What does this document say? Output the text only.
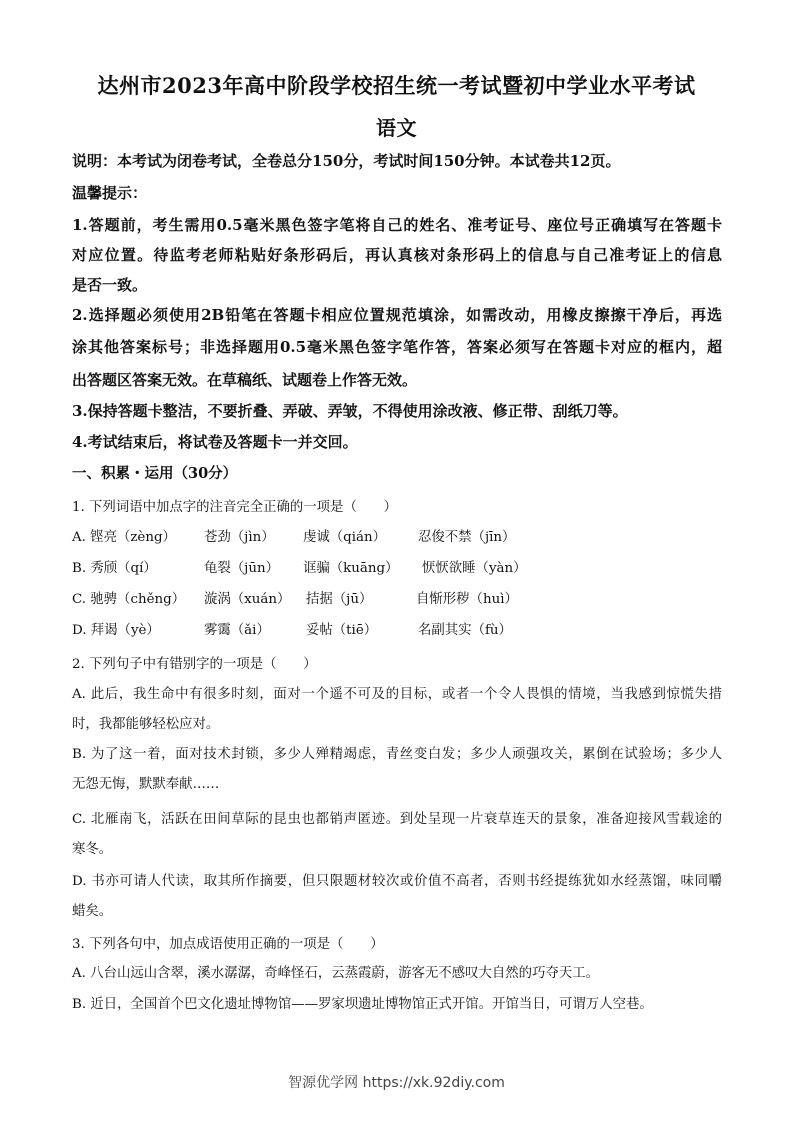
达州市2023年高中阶段学校招生统一考试暨初中学业水平考试
语文
说明：本考试为闭卷考试，全卷总分150分，考试时间150分钟。本试卷共12页。
温馨提示：
1.答题前，考生需用0.5毫米黑色签字笔将自己的姓名、准考证号、座位号正确填写在答题卡
对应位置。待监考老师粘贴好条形码后，再认真核对条形码上的信息与自己准考证上的信息
是否一致。
2.选择题必须使用2B铅笔在答题卡相应位置规范填涂，如需改动，用橡皮擦擦干净后，再选
涂其他答案标号；非选择题用0.5毫米黑色签字笔作答，答案必须写在答题卡对应的框内，超
出答题区答案无效。在草稿纸、试题卷上作答无效。
3.保持答题卡整洁，不要折叠、弄破、弄皱，不得使用涂改液、修正带、刮纸刀等。
4.考试结束后，将试卷及答题卡一并交回。
一、积累・运用（30分）
1. 下列词语中加点字的注音完全正确的一项是（　　）
A. 铿亮（zèng） 苍劲（jìn） 虔诚（qián） 忍俊不禁（jīn）
B. 秀颀（qí）	龟裂（jūn） 诓骗（kuāng） 恹恹欲睡（yàn）
C. 驰骋（chěng） 漩涡（xuán） 拮据（jū）	自惭形秽（huì）
D. 拜谒（yè）	雾霭（ǎi）	妥帖（tiē）	名副其实（fù）
2. 下列句子中有错别字的一项是（　　）
A. 此后，我生命中有很多时刻，面对一个遥不可及的目标，或者一个令人畏惧的情境，当我感到惊慌失措
时，我都能够轻松应对。
B. 为了这一着，面对技术封锁，多少人殚精竭虑，青丝变白发；多少人顽强攻关，累倒在试验场；多少人
无怨无悔，默默奉献……
C. 北雁南飞，活跃在田间草际的昆虫也都销声匿迹。到处呈现一片衰草连天的景象，准备迎接风雪载途的
寒冬。
D. 书亦可请人代读，取其所作摘要，但只限题材较次或价值不高者，否则书经提练犹如水经蒸馏，味同嚼
蜡矣。
3. 下列各句中，加点成语使用正确的一项是（　　）
A. 八台山远山含翠，溪水潺潺，奇峰怪石，云蒸霞蔚，游客无不感叹大自然的巧夺天工。
B. 近日，全国首个巴文化遗址博物馆——罗家坝遗址博物馆正式开馆。开馆当日，可谓万人空巷。
智源优学网 https://xk.92diy.com
